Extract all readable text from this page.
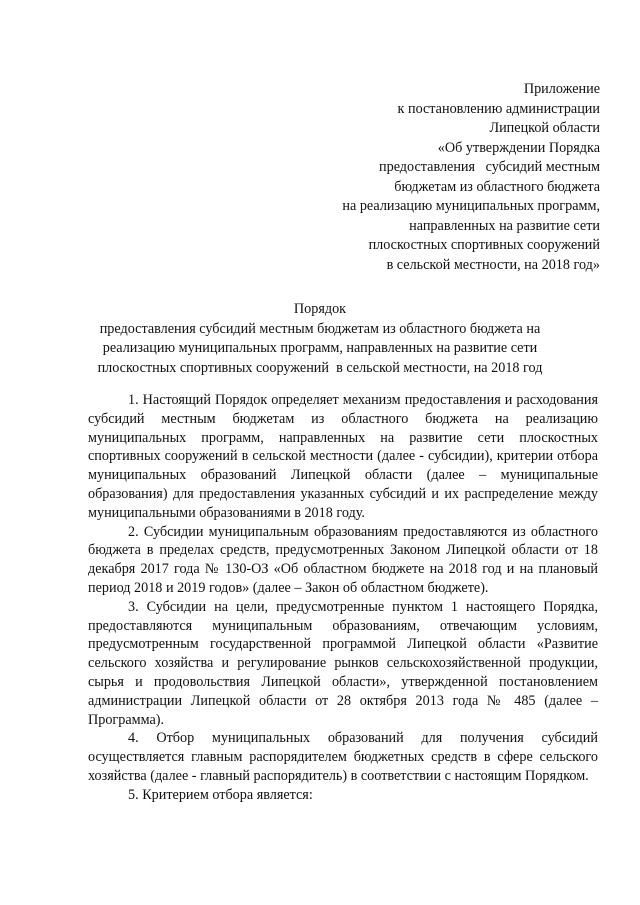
Приложение
к постановлению администрации
Липецкой области
«Об утверждении Порядка
предоставления   субсидий местным
бюджетам из областного бюджета
на реализацию муниципальных программ,
направленных на развитие сети
плоскостных спортивных сооружений
в сельской местности, на 2018 год»
Порядок
предоставления субсидий местным бюджетам из областного бюджета на
реализацию муниципальных программ, направленных на развитие сети
плоскостных спортивных сооружений  в сельской местности, на 2018 год

1. Настоящий Порядок определяет механизм предоставления и расходования субсидий местным бюджетам из областного бюджета на реализацию муниципальных программ, направленных на развитие сети плоскостных спортивных сооружений в сельской местности (далее - субсидии), критерии отбора муниципальных образований Липецкой области (далее – муниципальные образования) для предоставления указанных субсидий и их распределение между муниципальными образованиями в 2018 году.

2. Субсидии муниципальным образованиям предоставляются из областного бюджета в пределах средств, предусмотренных Законом Липецкой области от 18 декабря 2017 года № 130-ОЗ «Об областном бюджете на 2018 год и на плановый период 2018 и 2019 годов» (далее – Закон об областном бюджете).

3. Субсидии на цели, предусмотренные пунктом 1 настоящего Порядка, предоставляются муниципальным образованиям, отвечающим условиям, предусмотренным государственной программой Липецкой области «Развитие сельского хозяйства и регулирование рынков сельскохозяйственной продукции, сырья и продовольствия Липецкой области», утвержденной постановлением администрации Липецкой области от 28 октября 2013 года № 485 (далее – Программа).

4. Отбор муниципальных образований для получения субсидий осуществляется главным распорядителем бюджетных средств в сфере сельского хозяйства (далее - главный распорядитель) в соответствии с настоящим Порядком.

5. Критерием отбора является:
